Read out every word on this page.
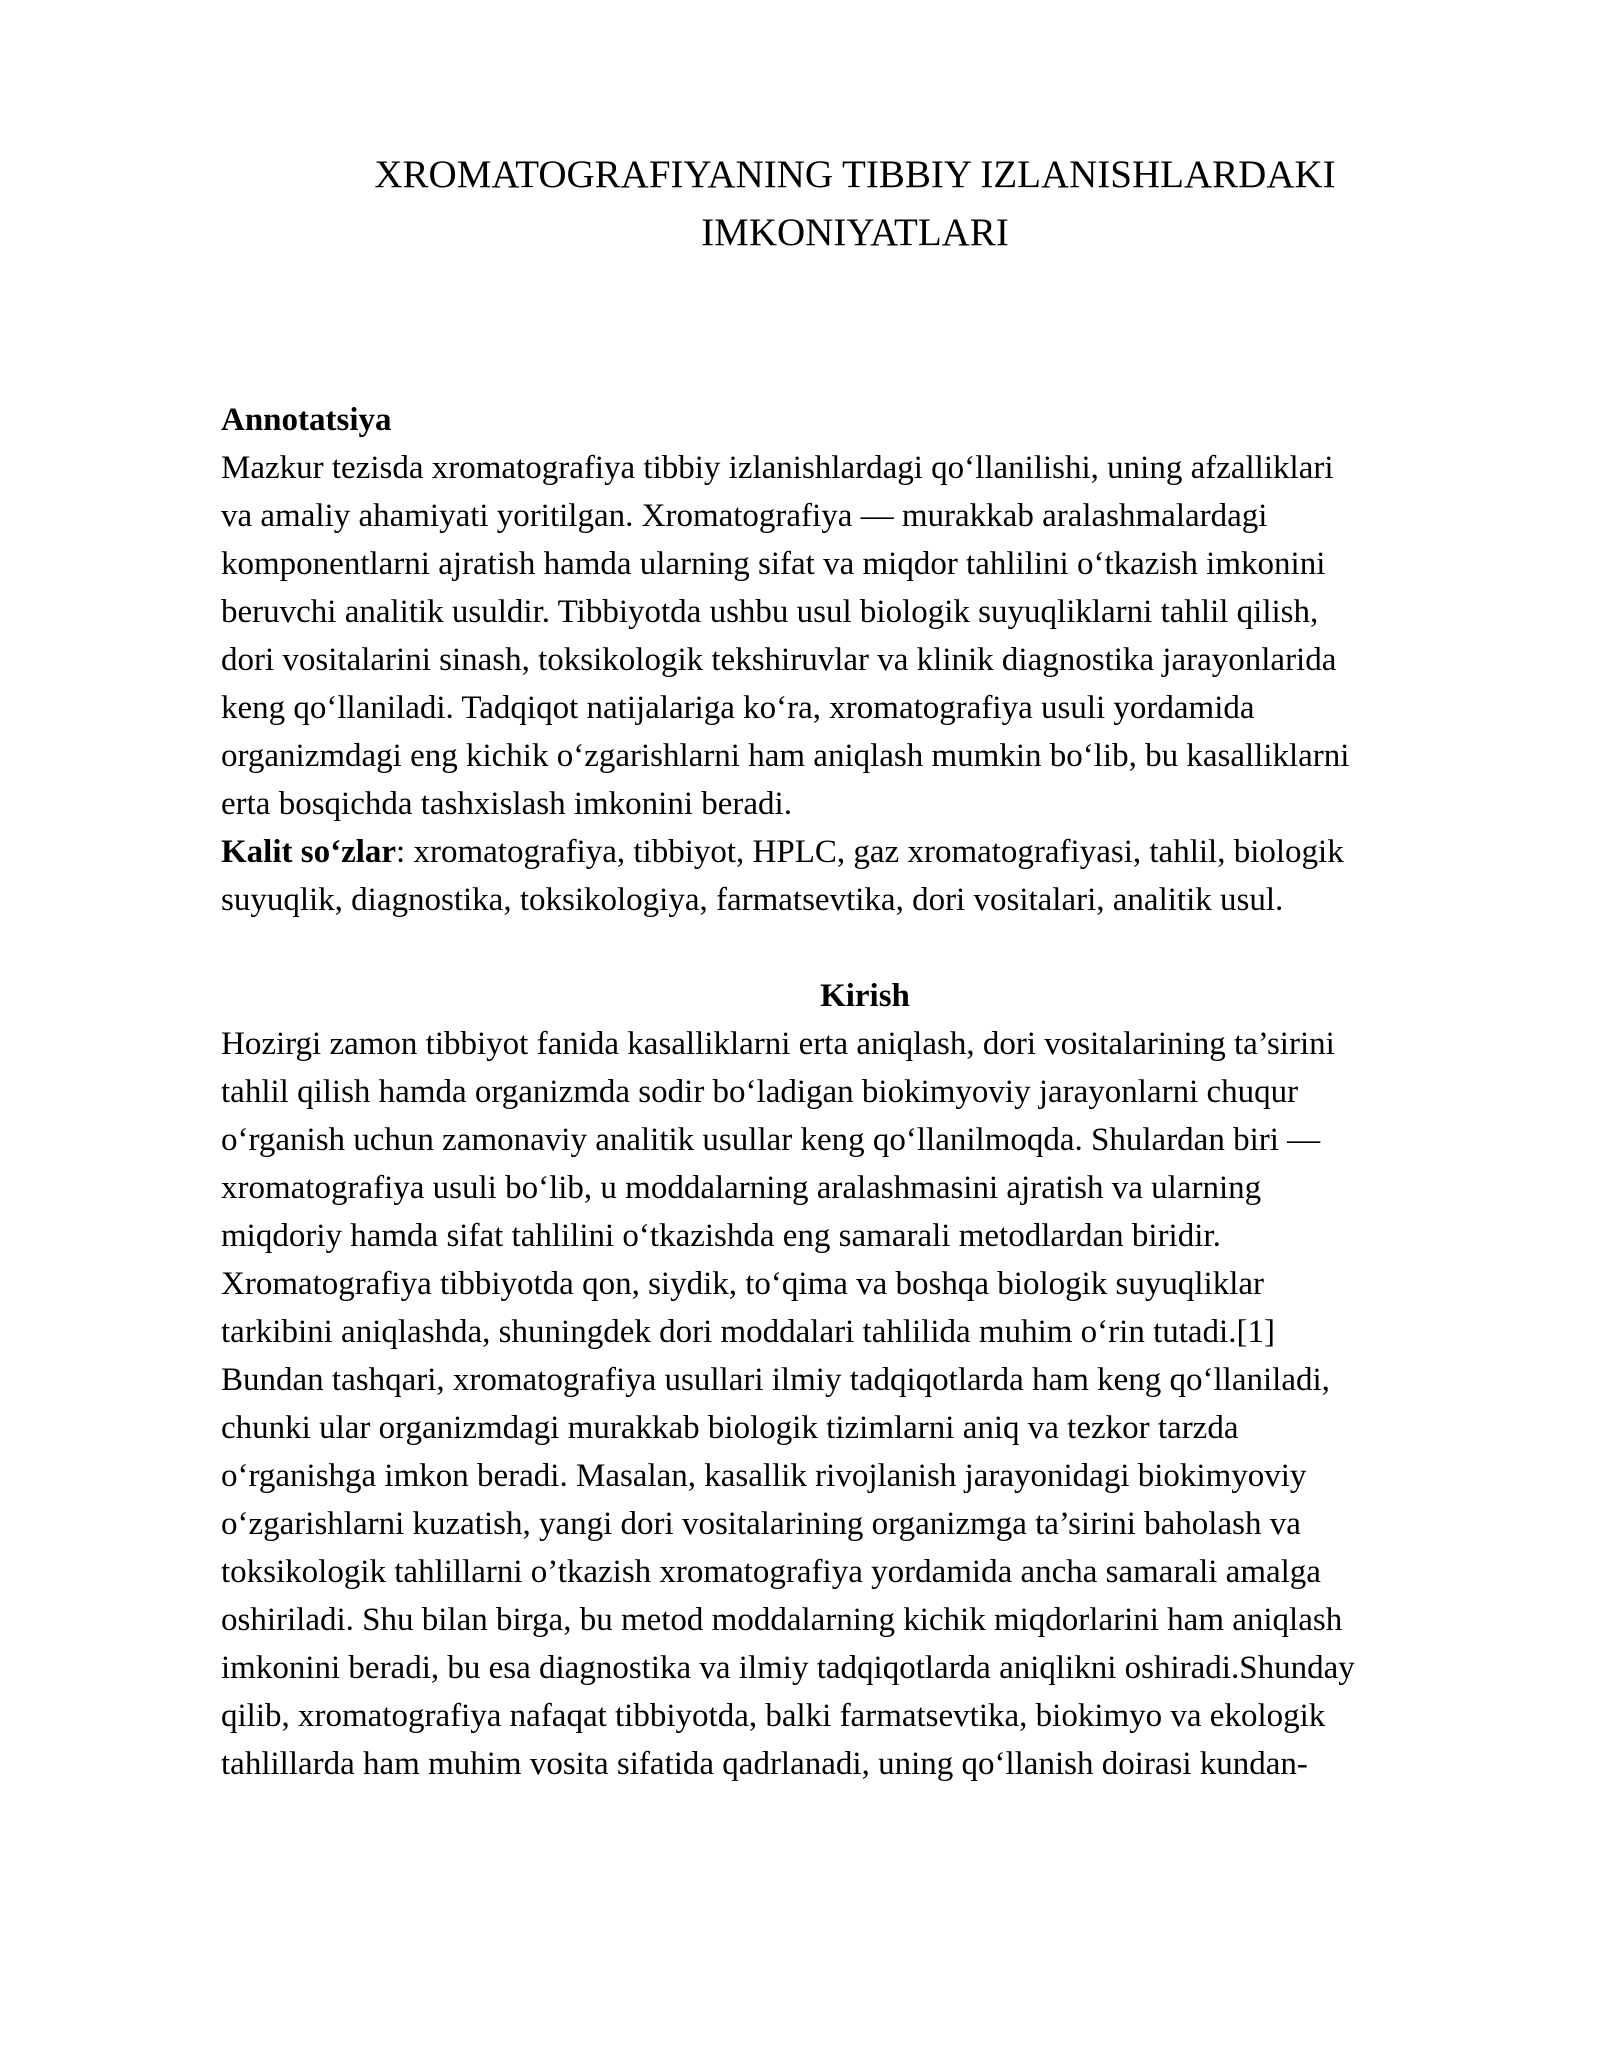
XROMATOGRAFIYANING TIBBIY IZLANISHLARDAKI
IMKONIYATLARI

Annotatsiya

Mazkur tezisda xromatografiya tibbiy izlanishlardagi qo‘llanilishi, uning afzalliklari
va amaliy ahamiyati yoritilgan. Xromatografiya — murakkab aralashmalardagi
komponentlarni ajratish hamda ularning sifat va miqdor tahlilini o‘tkazish imkonini
beruvchi analitik usuldir. Tibbiyotda ushbu usul biologik suyuqliklarni tahlil qilish,
dori vositalarini sinash, toksikologik tekshiruvlar va klinik diagnostika jarayonlarida
keng qo‘llaniladi. Tadqiqot natijalariga ko‘ra, xromatografiya usuli yordamida
organizmdagi eng kichik o‘zgarishlarni ham aniqlash mumkin bo‘lib, bu kasalliklarni
erta bosqichda tashxislash imkonini beradi.

Kalit so‘zlar: xromatografiya, tibbiyot, HPLC, gaz xromatografiyasi, tahlil, biologik
suyuqlik, diagnostika, toksikologiya, farmatsevtika, dori vositalari, analitik usul.

Kirish

Hozirgi zamon tibbiyot fanida kasalliklarni erta aniqlash, dori vositalarining ta’sirini
tahlil qilish hamda organizmda sodir bo‘ladigan biokimyoviy jarayonlarni chuqur
o‘rganish uchun zamonaviy analitik usullar keng qo‘llanilmoqda. Shulardan biri —
xromatografiya usuli bo‘lib, u moddalarning aralashmasini ajratish va ularning
miqdoriy hamda sifat tahlilini o‘tkazishda eng samarali metodlardan biridir.
Xromatografiya tibbiyotda qon, siydik, to‘qima va boshqa biologik suyuqliklar
tarkibini aniqlashda, shuningdek dori moddalari tahlilida muhim o‘rin tutadi.[1]
Bundan tashqari, xromatografiya usullari ilmiy tadqiqotlarda ham keng qo‘llaniladi,
chunki ular organizmdagi murakkab biologik tizimlarni aniq va tezkor tarzda
o‘rganishga imkon beradi. Masalan, kasallik rivojlanish jarayonidagi biokimyoviy
o‘zgarishlarni kuzatish, yangi dori vositalarining organizmga ta’sirini baholash va
toksikologik tahlillarni o’tkazish xromatografiya yordamida ancha samarali amalga
oshiriladi. Shu bilan birga, bu metod moddalarning kichik miqdorlarini ham aniqlash
imkonini beradi, bu esa diagnostika va ilmiy tadqiqotlarda aniqlikni oshiradi.Shunday
qilib, xromatografiya nafaqat tibbiyotda, balki farmatsevtika, biokimyo va ekologik
tahlillarda ham muhim vosita sifatida qadrlanadi, uning qo‘llanish doirasi kundan-
